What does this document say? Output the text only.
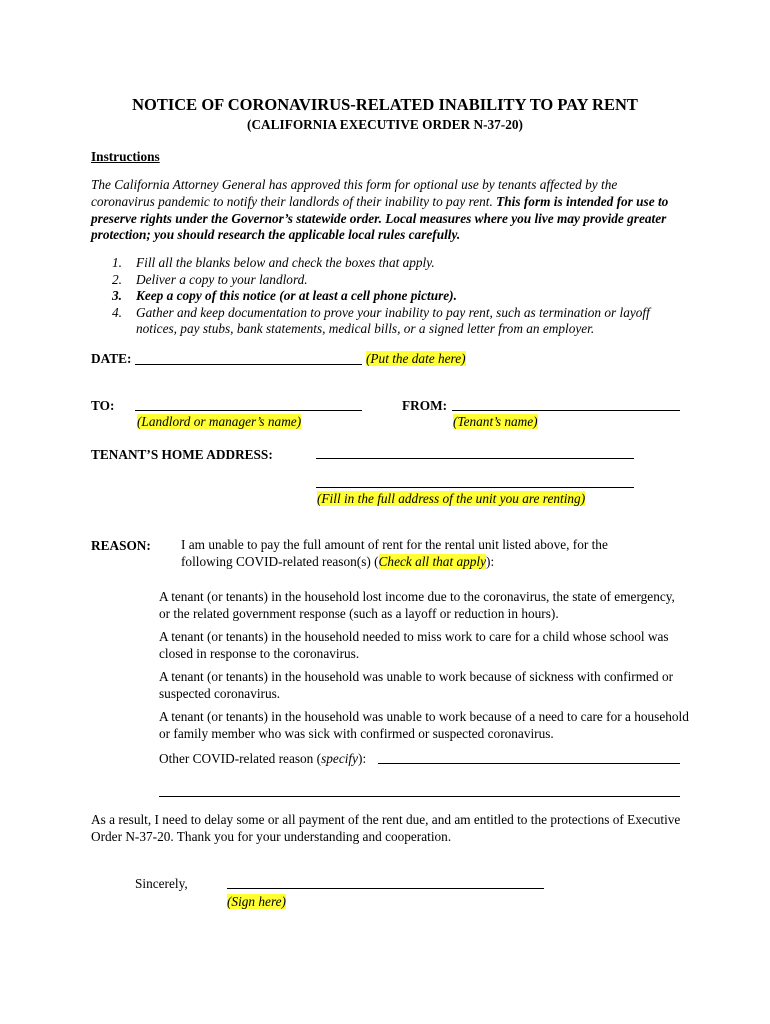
NOTICE OF CORONAVIRUS-RELATED INABILITY TO PAY RENT
(CALIFORNIA EXECUTIVE ORDER N-37-20)
Instructions
The California Attorney General has approved this form for optional use by tenants affected by the coronavirus pandemic to notify their landlords of their inability to pay rent. This form is intended for use to preserve rights under the Governor’s statewide order. Local measures where you live may provide greater protection; you should research the applicable local rules carefully.
1. Fill all the blanks below and check the boxes that apply.
2. Deliver a copy to your landlord.
3. Keep a copy of this notice (or at least a cell phone picture).
4. Gather and keep documentation to prove your inability to pay rent, such as termination or layoff notices, pay stubs, bank statements, medical bills, or a signed letter from an employer.
DATE:	(Put the date here)
TO:
(Landlord or manager’s name)
FROM:
(Tenant’s name)
TENANT’S HOME ADDRESS:
(Fill in the full address of the unit you are renting)
REASON: I am unable to pay the full amount of rent for the rental unit listed above, for the following COVID-related reason(s) (Check all that apply):
A tenant (or tenants) in the household lost income due to the coronavirus, the state of emergency, or the related government response (such as a layoff or reduction in hours).
A tenant (or tenants) in the household needed to miss work to care for a child whose school was closed in response to the coronavirus.
A tenant (or tenants) in the household was unable to work because of sickness with confirmed or suspected coronavirus.
A tenant (or tenants) in the household was unable to work because of a need to care for a household or family member who was sick with confirmed or suspected coronavirus.
Other COVID-related reason (specify):
As a result, I need to delay some or all payment of the rent due, and am entitled to the protections of Executive Order N-37-20. Thank you for your understanding and cooperation.
Sincerely,
(Sign here)
